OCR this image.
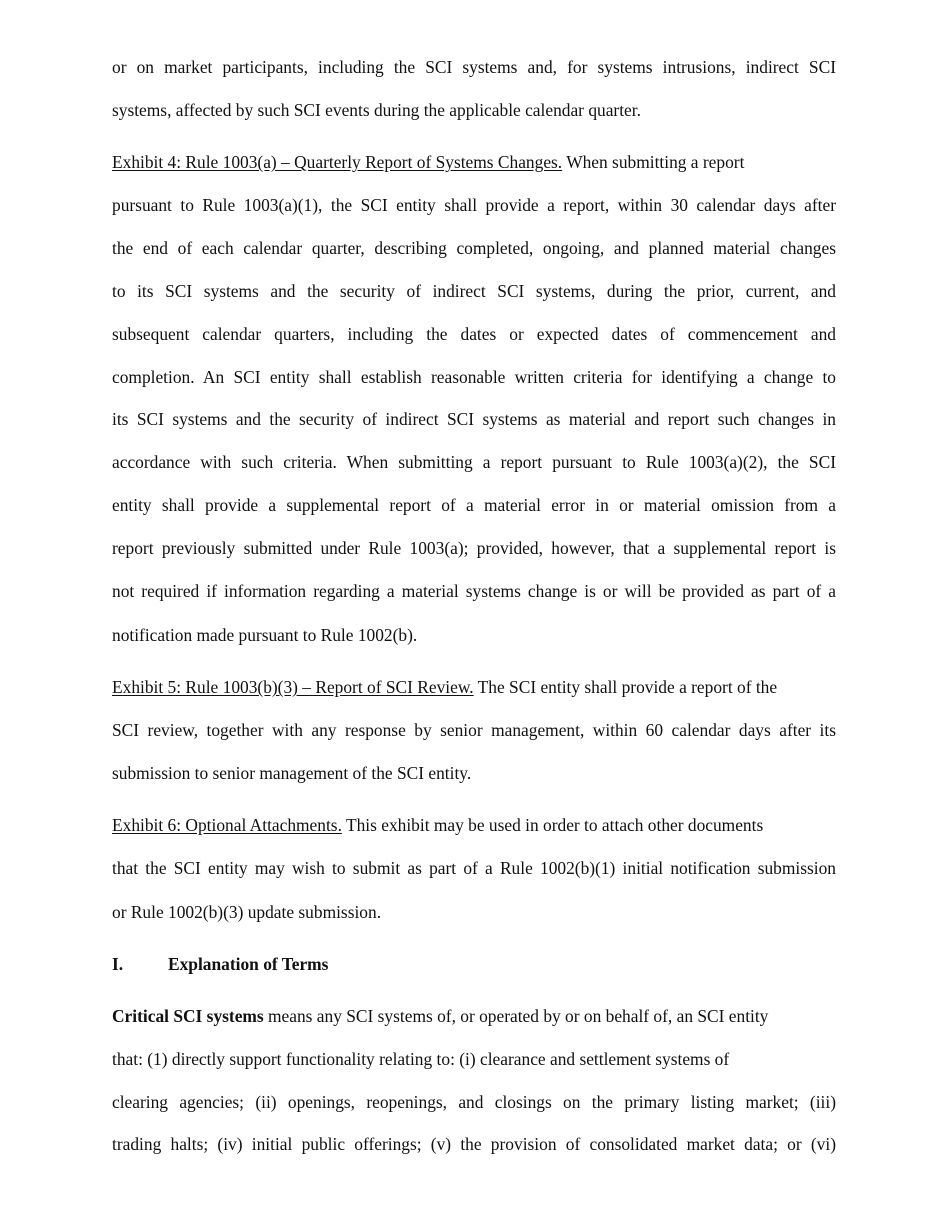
or on market participants, including the SCI systems and, for systems intrusions, indirect SCI
systems, affected by such SCI events during the applicable calendar quarter.
Exhibit 4: Rule 1003(a) – Quarterly Report of Systems Changes. When submitting a report
pursuant to Rule 1003(a)(1), the SCI entity shall provide a report, within 30 calendar days after
the end of each calendar quarter, describing completed, ongoing, and planned material changes
to its SCI systems and the security of indirect SCI systems, during the prior, current, and
subsequent calendar quarters, including the dates or expected dates of commencement and
completion. An SCI entity shall establish reasonable written criteria for identifying a change to
its SCI systems and the security of indirect SCI systems as material and report such changes in
accordance with such criteria. When submitting a report pursuant to Rule 1003(a)(2), the SCI
entity shall provide a supplemental report of a material error in or material omission from a
report previously submitted under Rule 1003(a); provided, however, that a supplemental report is
not required if information regarding a material systems change is or will be provided as part of a
notification made pursuant to Rule 1002(b).
Exhibit 5: Rule 1003(b)(3) – Report of SCI Review. The SCI entity shall provide a report of the
SCI review, together with any response by senior management, within 60 calendar days after its
submission to senior management of the SCI entity.
Exhibit 6: Optional Attachments. This exhibit may be used in order to attach other documents
that the SCI entity may wish to submit as part of a Rule 1002(b)(1) initial notification submission
or Rule 1002(b)(3) update submission.
I.	Explanation of Terms
Critical SCI systems means any SCI systems of, or operated by or on behalf of, an SCI entity
that: (1) directly support functionality relating to: (i) clearance and settlement systems of
clearing agencies; (ii) openings, reopenings, and closings on the primary listing market; (iii)
trading halts; (iv) initial public offerings; (v) the provision of consolidated market data; or (vi)
